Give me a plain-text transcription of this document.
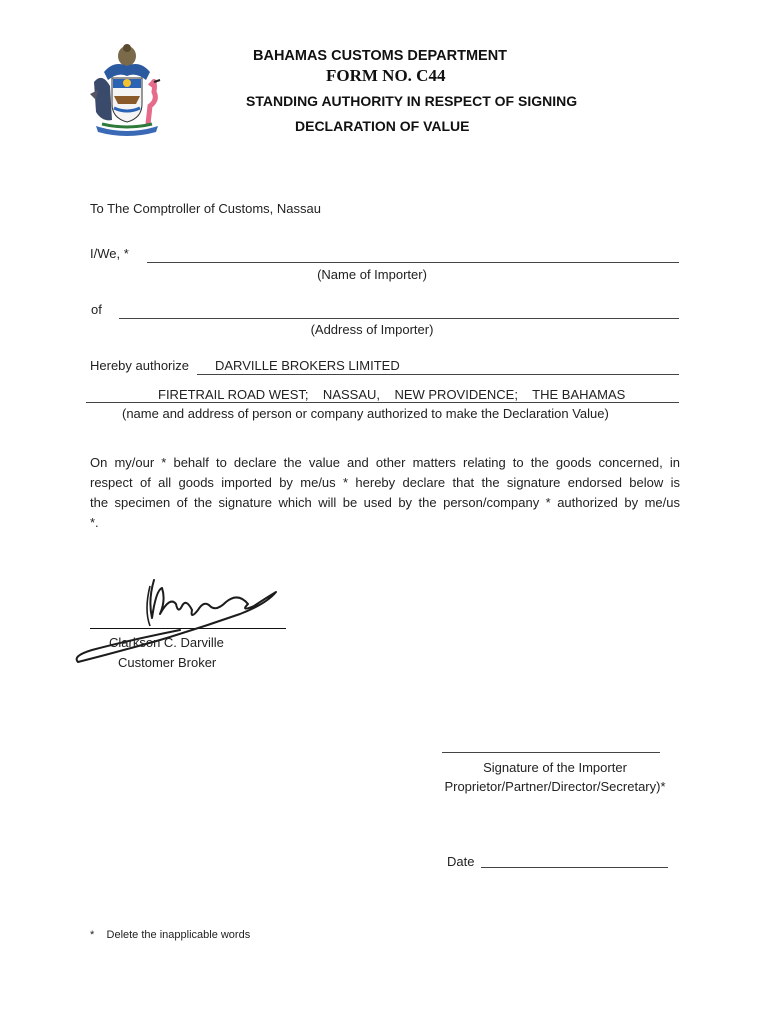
BAHAMAS CUSTOMS DEPARTMENT
FORM NO. C44
STANDING AUTHORITY IN RESPECT OF SIGNING
DECLARATION OF VALUE
To The Comptroller of Customs, Nassau
I/We, *
(Name of Importer)
of
(Address of Importer)
Hereby authorize DARVILLE BROKERS LIMITED
FIRETRAIL ROAD WEST;    NASSAU,    NEW PROVIDENCE;    THE BAHAMAS
(name and address of person or company authorized to make the Declaration Value)
On my/our * behalf to declare the value and other matters relating to the goods concerned, in
respect of all goods imported by me/us * hereby declare that the signature endorsed below is
the specimen of the signature which will be used by the person/company * authorized by me/us
*.
Clarkson C. Darville
Customer Broker
Signature of the Importer
Proprietor/Partner/Director/Secretary)*
Date
*    Delete the inapplicable words
